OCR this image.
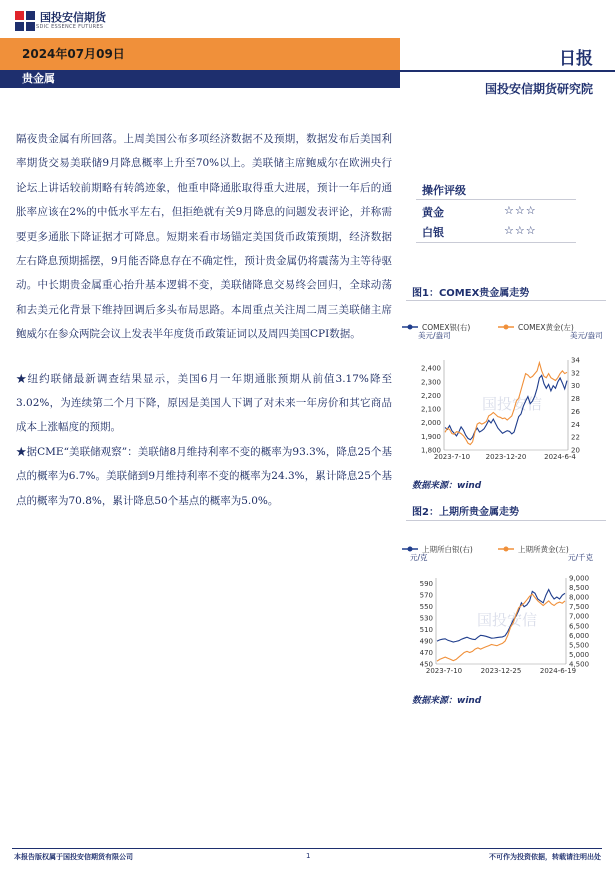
国投安信期货
SDIC ESSENCE FUTURES
2024年07月09日
贵金属
日报
国投安信期货研究院

隔夜贵金属有所回落。上周美国公布多项经济数据不及预期，数据发布后美国利率期货交易美联储9月降息概率上升至70%以上。美联储主席鲍威尔在欧洲央行论坛上讲话较前期略有转鸽迹象，他重申降通胀取得重大进展，预计一年后的通胀率应该在2%的中低水平左右，但拒绝就有关9月降息的问题发表评论，并称需要更多通胀下降证据才可降息。短期来看市场锚定美国货币政策预期，经济数据左右降息预期摇摆，9月能否降息存在不确定性，预计贵金属仍将震荡为主等待驱动。中长期贵金属重心抬升基本逻辑不变，美联储降息交易终会回归，全球动荡和去美元化背景下维持回调后多头布局思路。本周重点关注周二周三美联储主席鲍威尔在参众两院会议上发表半年度货币政策证词以及周四美国CPI数据。

★纽约联储最新调查结果显示，美国6月一年期通胀预期从前值3.17%降至3.02%，为连续第二个月下降，原因是美国人下调了对未来一年房价和其它商品成本上涨幅度的预期。

★据CME“美联储观察”：美联储8月维持利率不变的概率为93.3%，降息25个基点的概率为6.7%。美联储到9月维持利率不变的概率为24.3%，累计降息25个基点的概率为70.8%，累计降息50个基点的概率为5.0%。

操作评级
黄金	☆☆☆
白银	☆☆☆
图1：COMEX贵金属走势
COMEX银(右)	COMEX黄金(左)
美元/盎司	美元/盎司
国投安信
1,800
1,900
2,000
2,100
2,200
2,300
2,400
20
22
24
26
28
30
32
34
2023-7-10 2023-12-20	2024-6-4
数据来源：wind
图2：上期所贵金属走势
上期所白银(右)	上期所黄金(左)
元/克	元/千克
国投安信
450
470
490
510
530
550
570
590
4,500
5,000
5,500
6,000
6,500
7,000
7,500
8,000
8,500
9,000
2023-7-10	2023-12-25	2024-6-19
数据来源：wind
本报告版权属于国投安信期货有限公司	1	不可作为投资依据，转载请注明出处
